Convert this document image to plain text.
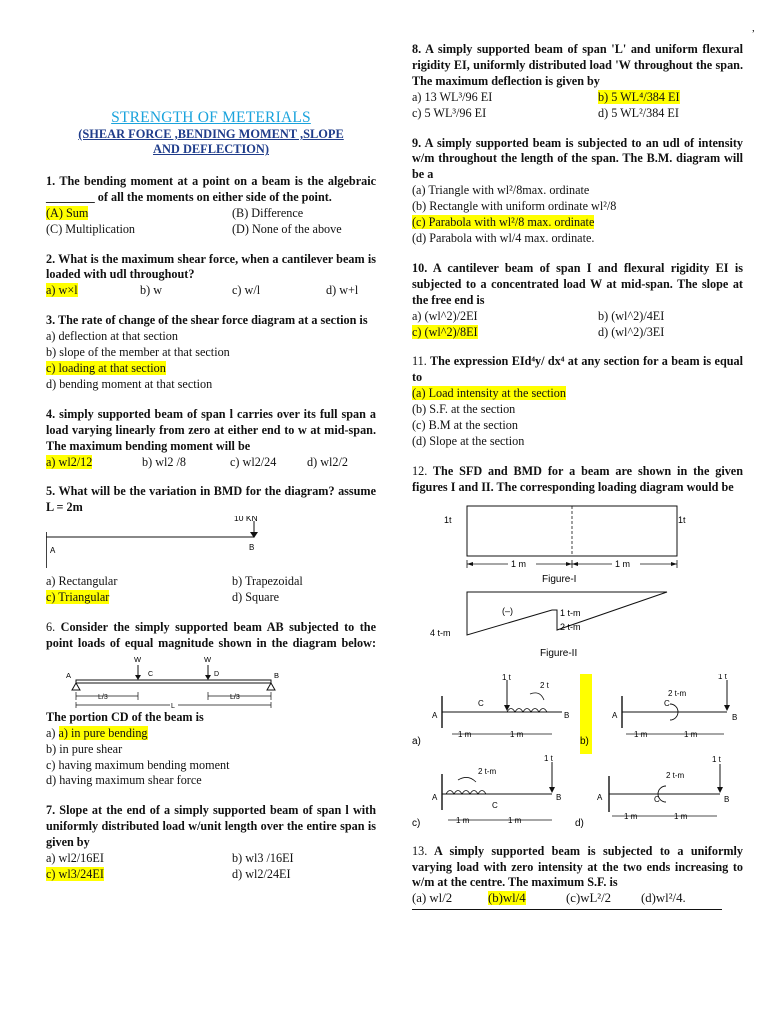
,
STRENGTH OF METERIALS
(SHEAR FORCE ,BENDING MOMENT ,SLOPE
AND DEFLECTION)
1. The bending moment at a point on a beam is the algebraic ________ of all the moments on either side of the point.
(A) Sum	(B) Difference
(C) Multiplication	(D) None of the above
2. What is the maximum shear force, when a cantilever beam is loaded with udl throughout?
a) w×l	b) w	c) w/l	d) w+l
3. The rate of change of the shear force diagram at a section is
a) deflection at that section
b) slope of the member at that section
c) loading at that section
d) bending moment at that section
4. simply supported beam of span l carries over its full span a load varying linearly from zero at either end to w at mid-span. The maximum bending moment will be
a) wl2/12	b) wl2 /8	c) wl2/24	d) wl2/2
5. What will be the variation in BMD for the diagram? assume L = 2m
10 KN
A	B
a) Rectangular	b) Trapezoidal
c) Triangular	d) Square
6. Consider the simply supported beam AB subjected to the point loads of equal magnitude shown in the diagram below:
W	W
C	D
A	B
L/3	L/3
L
The portion CD of the beam is
a) a) in pure bending
b) in pure shear
c) having maximum bending moment
d) having maximum shear force
7. Slope at the end of a simply supported beam of span l with uniformly distributed load w/unit length over the entire span is given by
a) wl2/16EI	b) wl3 /16EI
c) wl3/24EI	d) wl2/24EI
8. A simply supported beam of span 'L' and uniform flexural rigidity EI, uniformly distributed load 'W throughout the span. The maximum deflection is given by
a) 13 WL³/96 EI	b) 5 WL⁴/384 EI
c) 5 WL³/96 EI	d) 5 WL²/384 EI
9. A simply supported beam is subjected to an udl of intensity w/m throughout the length of the span. The B.M. diagram will be a
(a) Triangle with wl²/8max. ordinate
(b) Rectangle with uniform ordinate wl²/8
(c) Parabola with wl²/8 max. ordinate
(d) Parabola with wl/4 max. ordinate.
10. A cantilever beam of span I and flexural rigidity EI is subjected to a concentrated load W at mid-span. The slope at the free end is
a) (wl^2)/2EI	b) (wl^2)/4EI
c) (wl^2)/8EI	d) (wl^2)/3EI
11. The expression EId⁴y/ dx⁴ at any section for a beam is equal to
(a) Load intensity at the section
(b) S.F. at the section
(c) B.M at the section
(d) Slope at the section
12. The SFD and BMD for a beam are shown in the given figures I and II. The corresponding loading diagram would be
1t	1t
1 m	1 m
Figure-I
(–)
4 t-m
1 t-m
2 t-m
Figure-II
a)
1 t
2 t
A
C
B
1 m	1 m
b)
2 t-m
1 t
A
C
B
1 m	1 m
c)
2 t-m
1 t
A
C
B
1 m	1 m	d)
2 t-m
1 t
A	C	B
1 m	1 m
13. A simply supported beam is subjected to a uniformly varying load with zero intensity at the two ends increasing to w/m at the centre. The maximum S.F. is
(a) wl/2	(b)wl/4	(c)wL²/2	(d)wl²/4.
